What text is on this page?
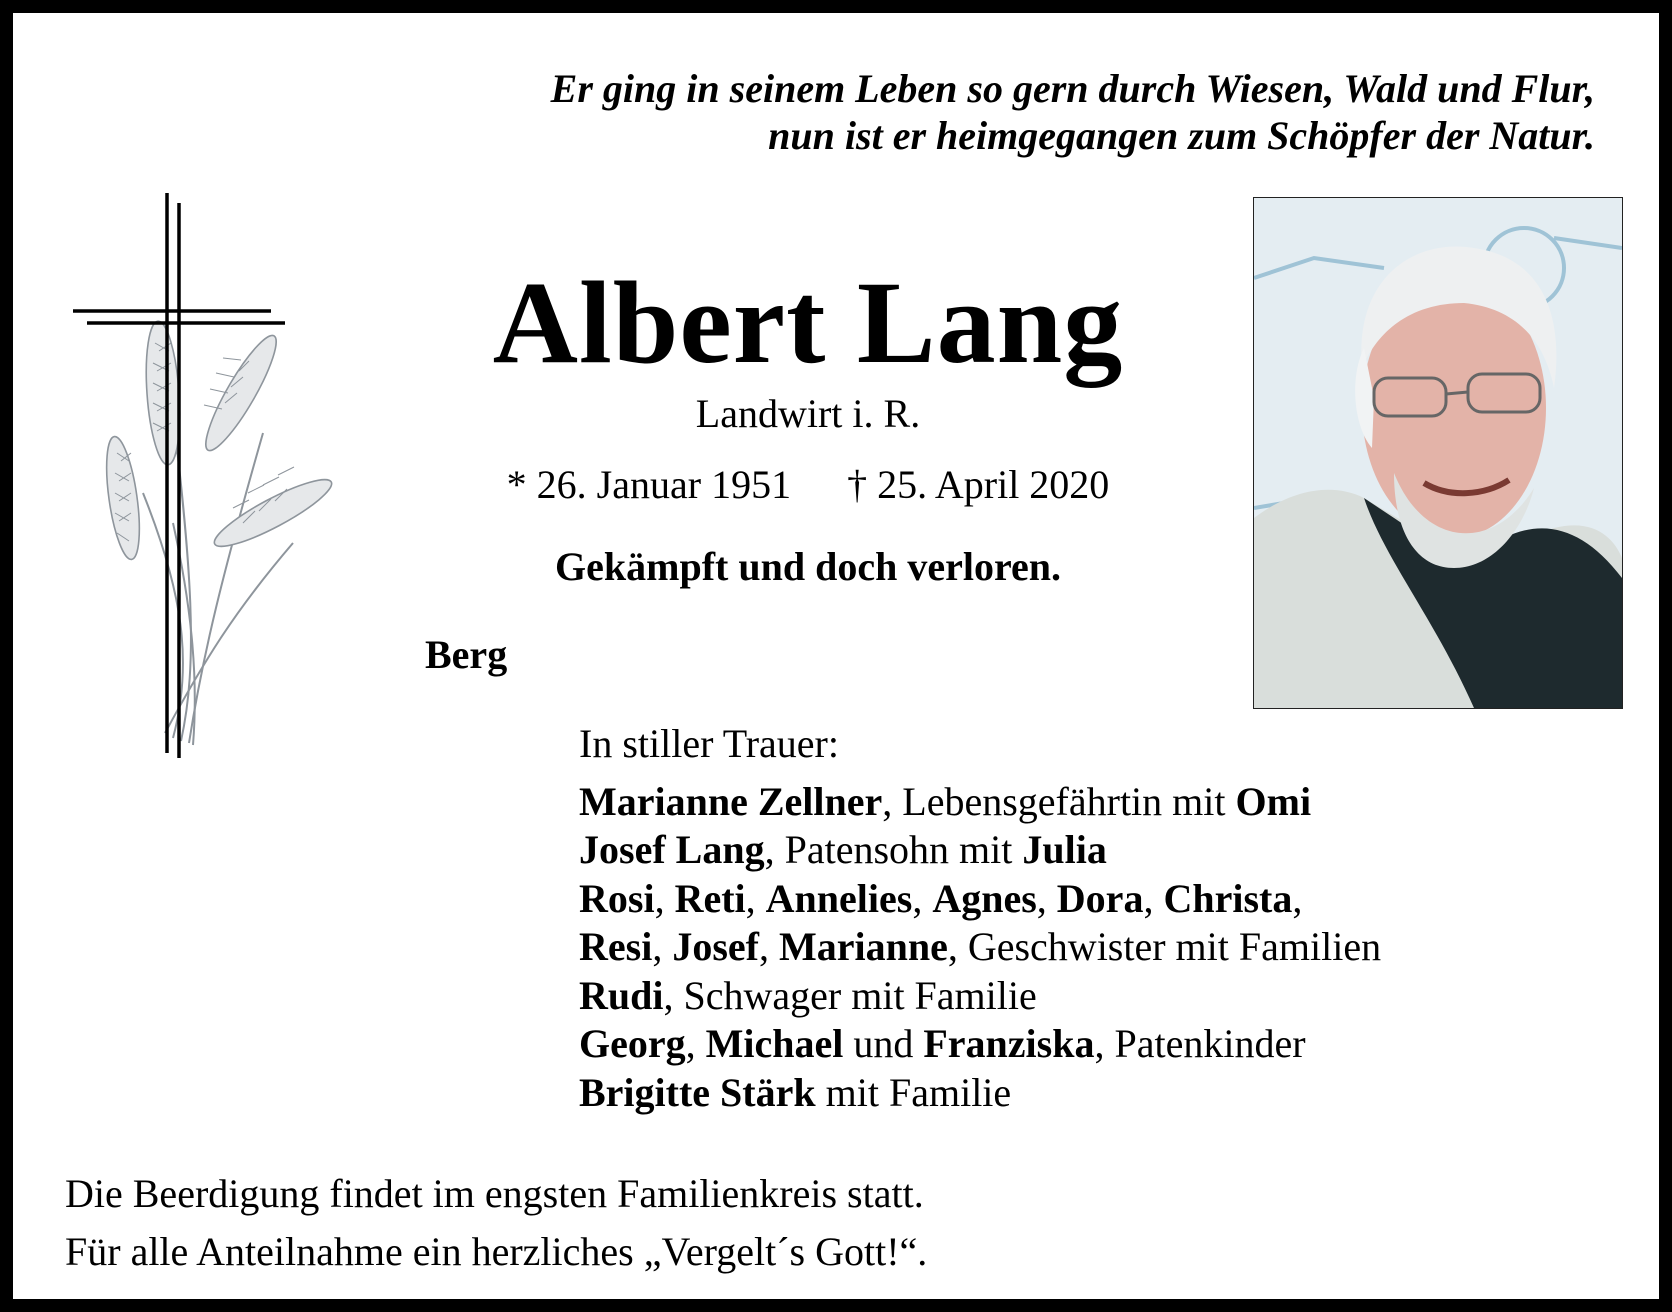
Er ging in seinem Leben so gern durch Wiesen, Wald und Flur,
nun ist er heimgegangen zum Schöpfer der Natur.
Albert Lang
Landwirt i. R.
* 26. Januar 1951 † 25. April 2020
Gekämpft und doch verloren.
Berg
In stiller Trauer:
Marianne Zellner, Lebensgefährtin mit Omi
Josef Lang, Patensohn mit Julia
Rosi, Reti, Annelies, Agnes, Dora, Christa,
Resi, Josef, Marianne, Geschwister mit Familien
Rudi, Schwager mit Familie
Georg, Michael und Franziska, Patenkinder
Brigitte Stärk mit Familie
Die Beerdigung findet im engsten Familienkreis statt.
Für alle Anteilnahme ein herzliches „Vergelt´s Gott!“.
